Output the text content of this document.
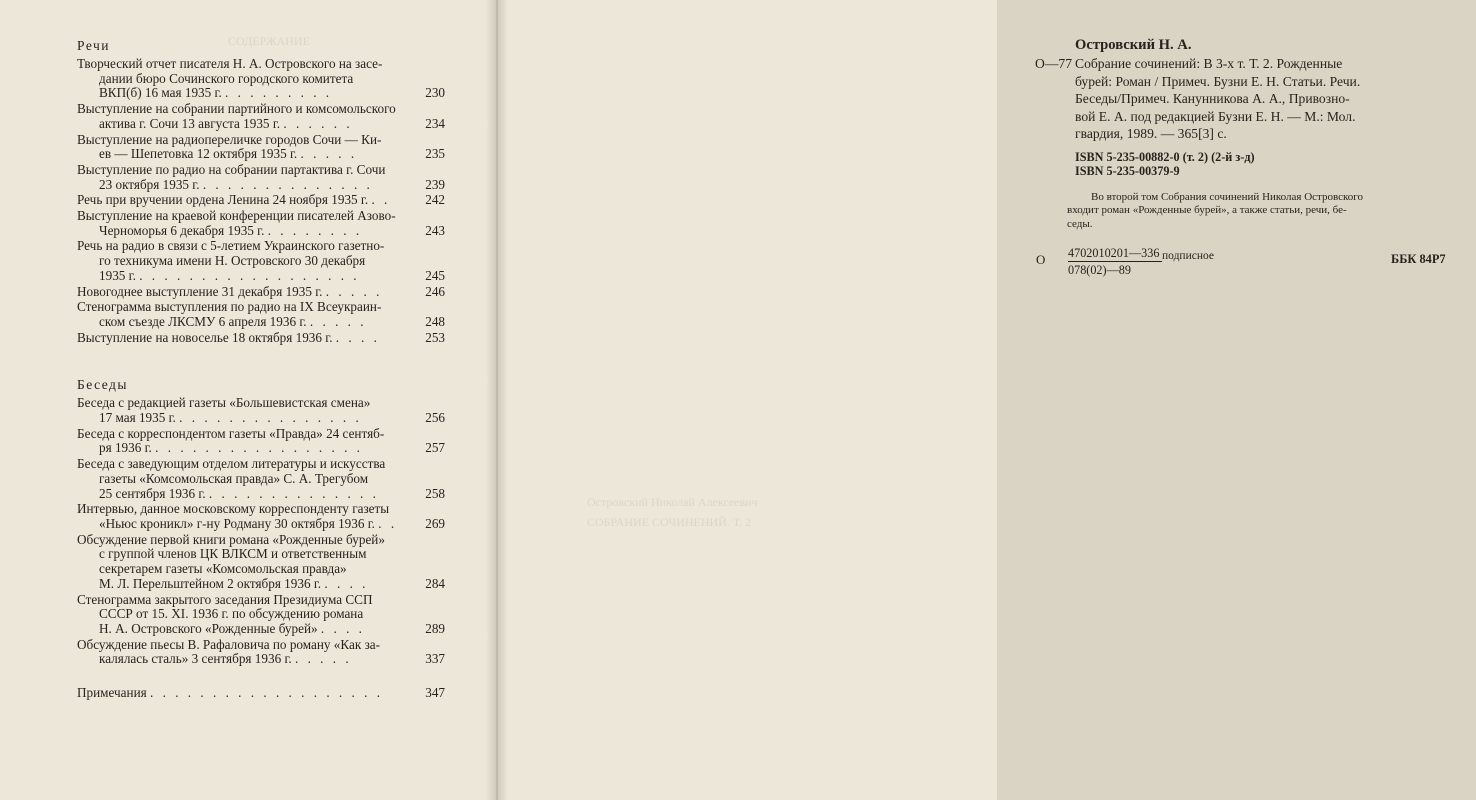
СОДЕРЖАНИЕ
Речи
Творческий отчет писателя Н. А. Островского на засе-
дании бюро Сочинского городского комитета
ВКП(б) 16 мая 1935 г. . . . . . . . . .	230
Выступление на собрании партийного и комсомольского
актива г. Сочи 13 августа 1935 г. . . . . . .	234
Выступление на радиопереличке городов Сочи — Ки-
ев — Шепетовка 12 октября 1935 г. . . . . .	235
Выступление по радио на собрании партактива г. Сочи
23 октября 1935 г. . . . . . . . . . . . . . .	239
Речь при вручении ордена Ленина 24 ноября 1935 г. . .	242
Выступление на краевой конференции писателей Азово-
Черноморья 6 декабря 1935 г. . . . . . . . .	243
Речь на радио в связи с 5-летием Украинского газетно-
го техникума имени Н. Островского 30 декабря
1935 г. . . . . . . . . . . . . . . . . . .	245
Новогоднее выступление 31 декабря 1935 г. . . . . .	246
Стенограмма выступления по радио на IX Всеукраин-
ском съезде ЛКСМУ 6 апреля 1936 г. . . . . .	248
Выступление на новоселье 18 октября 1936 г. . . . .	253
Беседы
Беседа с редакцией газеты «Большевистская смена»
17 мая 1935 г. . . . . . . . . . . . . . . .	256
Беседа с корреспондентом газеты «Правда» 24 сентяб-
ря 1936 г. . . . . . . . . . . . . . . . . .	257
Беседа с заведующим отделом литературы и искусства
газеты «Комсомольская правда» С. А. Трегубом
25 сентября 1936 г. . . . . . . . . . . . . . .	258
Интервью, данное московскому корреспонденту газеты
«Ньюс кроникл» г-ну Родману 30 октября 1936 г. . .	269
Обсуждение первой книги романа «Рожденные бурей»
с группой членов ЦК ВЛКСМ и ответственным
секретарем газеты «Комсомольская правда»
М. Л. Перельштейном 2 октября 1936 г. . . . .	284
Стенограмма закрытого заседания Президиума ССП
СССР от 15. XI. 1936 г. по обсуждению романа
Н. А. Островского «Рожденные бурей» . . . .	289
Обсуждение пьесы В. Рафаловича по роману «Как за-
калялась сталь» 3 сентября 1936 г. . . . . .	337
Примечания . . . . . . . . . . . . . . . . . . .	347
Островский Н. А.
О—77 Собрание сочинений: В 3-х т. Т. 2. Рожденные
бурей: Роман / Примеч. Бузни Е. Н. Статьи. Речи.
Беседы/Примеч. Канунникова А. А., Привозно-
вой Е. А. под редакцией Бузни Е. Н. — М.: Мол.
гвардия, 1989. — 365[3] с.
ISBN 5-235-00882-0 (т. 2) (2-й з-д)
ISBN 5-235-00379-9
Во второй том Собрания сочинений Николая Островского
входит роман «Рожденные бурей», а также статьи, речи, бе-
седы.
О $\frac{4702010201—336}{078(02)—89}$ подписное	ББК 84Р7
Островский Николай Алексеевич
СОБРАНИЕ СОЧИНЕНИЙ. Т. 2
